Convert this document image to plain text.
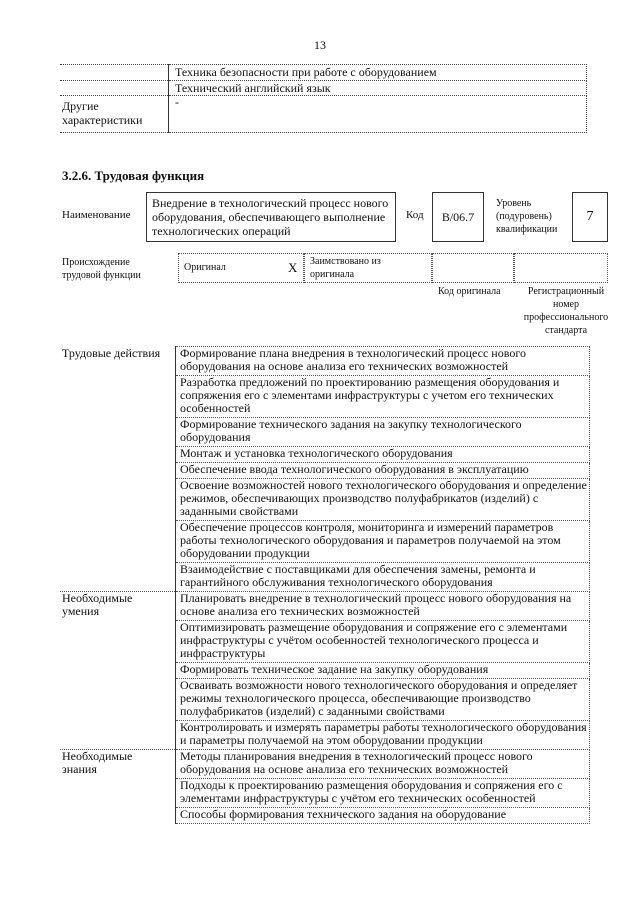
13
	Техника безопасности при работе с оборудованием
	Технический английский язык

Другие
характеристики	-
3.2.6. Трудовая функция
Наименование
Внедрение в технологический процесс нового оборудования, обеспечивающего выполнение технологических операций
Код	B/06.7
Уровень
(подуровень)
квалификации
7
Происхождение
трудовой функции
Оригинал	X Заимствовано из
оригинала
Код оригинала	Регистрационный
номер
профессионального
стандарта
Трудовые действия	Формирование плана внедрения в технологический процесс нового оборудования на основе анализа его технических возможностей
	Разработка предложений по проектированию размещения оборудования и сопряжения его с элементами инфраструктуры с учетом его технических особенностей
	Формирование технического задания на закупку технологического оборудования
	Монтаж и установка технологического оборудования
	Обеспечение ввода технологического оборудования в эксплуатацию
	Освоение возможностей нового технологического оборудования и определение режимов, обеспечивающих производство полуфабрикатов (изделий) с заданными свойствами
	Обеспечение процессов контроля, мониторинга и измерений параметров работы технологического оборудования и параметров получаемой на этом оборудовании продукции
	Взаимодействие с поставщиками для обеспечения замены, ремонта и гарантийного обслуживания технологического оборудования

Необходимые
умения	Планировать внедрение в технологический процесс нового оборудования на основе анализа его технических возможностей
	Оптимизировать размещение оборудования и сопряжение его с элементами инфраструктуры с учётом особенностей технологического процесса и инфраструктуры
	Формировать техническое задание на закупку оборудования
	Осваивать возможности нового технологического оборудования и определяет режимы технологического процесса, обеспечивающие производство полуфабрикатов (изделий) с заданными свойствами
	Контролировать и измерять параметры работы технологического оборудования и параметры получаемой на этом оборудовании продукции

Необходимые
знания	Методы планирования внедрения в технологический процесс нового оборудования на основе анализа его технических возможностей
	Подходы к проектированию размещения оборудования и сопряжения его с элементами инфраструктуры с учётом его технических особенностей
	Способы формирования технического задания на оборудование
